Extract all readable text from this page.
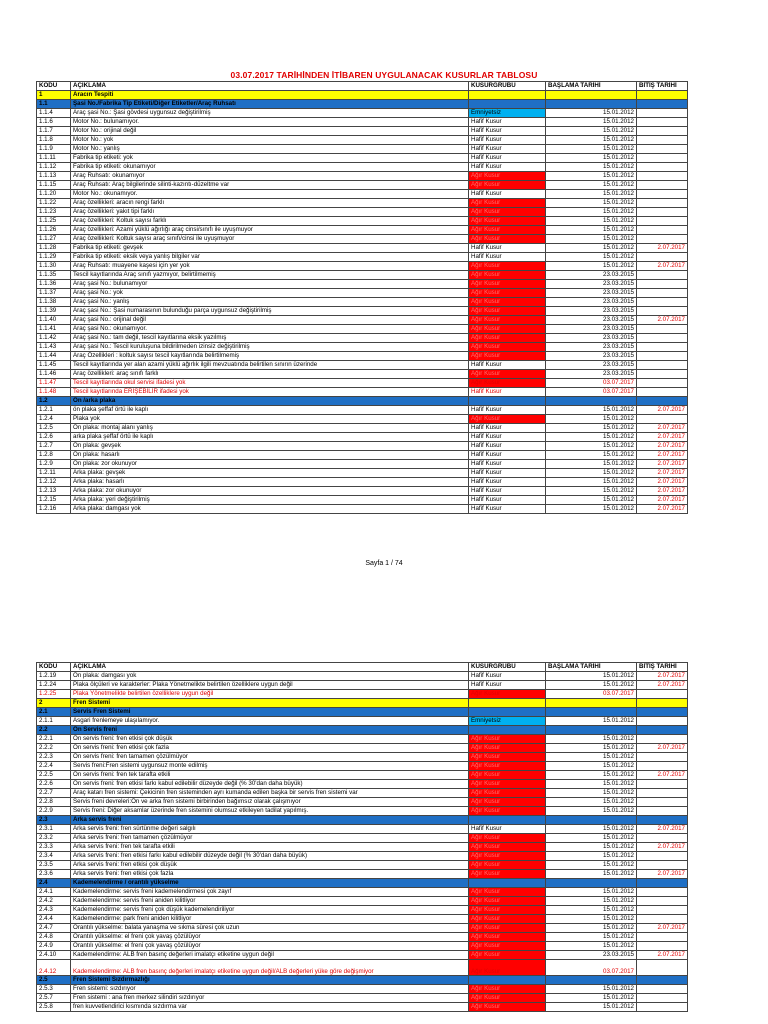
03.07.2017 TARİHİNDEN İTİBAREN UYGULANACAK KUSURLAR TABLOSU
KODU	AÇIKLAMA	KUSURGRUBU	BAŞLAMA TARİHİ	BİTİŞ TARİHİ
1	Aracın Tespiti			
1.1	Şasi No./Fabrika Tip Etiketi/Diğer Etiketler/Araç Ruhsatı			
1.1.4	Araç şasi No.: Şasi gövdesi uygunsuz değiştirilmiş	Emniyetsiz	15.01.2012	
1.1.6	Motor No.: bulunamıyor.	Hafif Kusur	15.01.2012	
1.1.7	Motor No.: orijinal değil	Hafif Kusur	15.01.2012	
1.1.8	Motor No.: yok	Hafif Kusur	15.01.2012	
1.1.9	Motor No.: yanlış	Hafif Kusur	15.01.2012	
1.1.11	Fabrika tip etiketi: yok	Hafif Kusur	15.01.2012	
1.1.12	Fabrika tip etiketi: okunamıyor	Hafif Kusur	15.01.2012	
1.1.13	Araç Ruhsatı: okunamıyor	Ağır Kusur	15.01.2012	
1.1.15	Araç Ruhsatı: Araç bilgilerinde silinti-kazıntı-düzeltme var	Ağır Kusur	15.01.2012	
1.1.20	Motor No.: okunamıyor.	Hafif Kusur	15.01.2012	
1.1.22	Araç özellikleri: aracın rengi farklı	Ağır Kusur	15.01.2012	
1.1.23	Araç özellikleri: yakıt tipi farklı	Ağır Kusur	15.01.2012	
1.1.25	Araç özellikleri: Koltuk sayısı farklı	Ağır Kusur	15.01.2012	
1.1.26	Araç özellikleri: Azami yüklü ağırlığı araç cinsi/sınıfı ile uyuşmuyor	Ağır Kusur	15.01.2012	
1.1.27	Araç özellikleri: Koltuk sayısı araç sınıfı/cinsi ile uyuşmuyor	Ağır Kusur	15.01.2012	
1.1.28	Fabrika tip etiketi: gevşek	Hafif Kusur	15.01.2012	2.07.2017
1.1.29	Fabrika tip etiketi: eksik veya yanlış bilgiler var	Hafif Kusur	15.01.2012	
1.1.30	Araç Ruhsatı: muayene kaşesi için yer yok	Ağır Kusur	15.01.2012	2.07.2017
1.1.35	Tescil kayıtlarında Araç sınıfı yazmıyor, belirtilmemiş	Ağır Kusur	23.03.2015	
1.1.36	Araç şasi No.: bulunamıyor	Ağır Kusur	23.03.2015	
1.1.37	Araç şasi No.: yok	Ağır Kusur	23.03.2015	
1.1.38	Araç şasi No.: yanlış	Ağır Kusur	23.03.2015	
1.1.39	Araç şasi No.: Şasi numarasının bulunduğu parça uygunsuz değiştirilmiş	Ağır Kusur	23.03.2015	
1.1.40	Araç şasi No.: orijinal değil	Ağır Kusur	23.03.2015	2.07.2017
1.1.41	Araç şasi No.: okunamıyor.	Ağır Kusur	23.03.2015	
1.1.42	Araç şasi No.: tam değil, tescil kayıtlarına eksik yazılmış	Ağır Kusur	23.03.2015	
1.1.43	Araç şasi No.: Tescil kuruluşuna bildirilmeden izinsiz değiştirilmiş	Ağır Kusur	23.03.2015	
1.1.44	Araç Özellikleri : koltuk sayısı tescil kayıtlarında belirtilmemiş	Ağır Kusur	23.03.2015	
1.1.45	Tescil kayıtlarında yer alan azami yüklü ağırlık ilgili mevzuatında belirtilen sınırın üzerinde	Hafif Kusur	23.03.2015	
1.1.46	Araç özellikleri: araç sınıfı farklı	Ağır Kusur	23.03.2015	
1.1.47	Tescil kayıtlarında okul servisi ifadesi yok	Ağır Kusur	03.07.2017	
1.1.48	Tescil kayıtlarında ERİŞEBİLİR ifadesi yok	Hafif Kusur	03.07.2017	
1.2	Ön /arka plaka			
1.2.1	ön plaka şeffaf örtü ile kaplı	Hafif Kusur	15.01.2012	2.07.2017
1.2.4	Plaka yok	Ağır Kusur	15.01.2012	
1.2.5	Ön plaka: montaj alanı yanlış	Hafif Kusur	15.01.2012	2.07.2017
1.2.6	arka plaka şeffaf örtü ile kaplı	Hafif Kusur	15.01.2012	2.07.2017
1.2.7	Ön plaka: gevşek	Hafif Kusur	15.01.2012	2.07.2017
1.2.8	Ön plaka: hasarlı	Hafif Kusur	15.01.2012	2.07.2017
1.2.9	Ön plaka: zor okunuyor	Hafif Kusur	15.01.2012	2.07.2017
1.2.11	Arka plaka: gevşek	Hafif Kusur	15.01.2012	2.07.2017
1.2.12	Arka plaka: hasarlı	Hafif Kusur	15.01.2012	2.07.2017
1.2.13	Arka plaka: zor okunuyor	Hafif Kusur	15.01.2012	2.07.2017
1.2.15	Arka plaka: yeri değiştirilmiş	Hafif Kusur	15.01.2012	2.07.2017
1.2.16	Arka plaka: damgası yok	Hafif Kusur	15.01.2012	2.07.2017
Sayfa 1 / 74
KODU	AÇIKLAMA	KUSURGRUBU	BAŞLAMA TARİHİ	BİTİŞ TARİHİ
1.2.19	Ön plaka: damgası yok	Hafif Kusur	15.01.2012	2.07.2017
1.2.24	Plaka ölçüleri ve karakterler: Plaka Yönetmelikte belirtilen özelliklere uygun değil	Hafif Kusur	15.01.2012	2.07.2017
1.2.25	Plaka Yönetmelikte belirtilen özelliklere uygun değil	Ağır Kusur	03.07.2017	
2	Fren Sistemi			
2.1	Servis Fren Sistemi			
2.1.1	Asgari frenlemeye ulaşılamıyor.	Emniyetsiz	15.01.2012	
2.2	Ön Servis freni			
2.2.1	Ön servis freni: fren etkisi çok düşük	Ağır Kusur	15.01.2012	
2.2.2	Ön servis freni: fren etkisi çok fazla	Ağır Kusur	15.01.2012	2.07.2017
2.2.3	Ön servis freni: fren tamamen çözülmüyor	Ağır Kusur	15.01.2012	
2.2.4	Servis freni:Fren sistemi uygunsuz monte edilmiş	Ağır Kusur	15.01.2012	
2.2.5	Ön servis freni: fren tek tarafta etkili	Ağır Kusur	15.01.2012	2.07.2017
2.2.6	Ön servis freni: fren etkisi farkı kabul edilebilir düzeyde değil (% 30'dan daha büyük)	Ağır Kusur	15.01.2012	
2.2.7	Araç katarı fren sistemi: Çekicinin fren sisteminden ayrı kumanda edilen başka bir servis fren sistemi var	Ağır Kusur	15.01.2012	
2.2.8	Servis freni devreleri:Ön ve arka fren sistemi birbirinden bağımsız olarak çalışmıyor	Ağır Kusur	15.01.2012	
2.2.9	Servis freni: Diğer aksamlar üzerinde fren sistemini olumsuz etkileyen tadilat yapılmış.	Ağır Kusur	15.01.2012	
2.3	Arka servis freni			
2.3.1	Arka servis freni: fren sürtünme değeri salgılı	Hafif Kusur	15.01.2012	2.07.2017
2.3.2	Arka servis freni: fren tamamen çözülmüyor	Ağır Kusur	15.01.2012	
2.3.3	Arka servis freni: fren tek tarafta etkili	Ağır Kusur	15.01.2012	2.07.2017
2.3.4	Arka servis freni: fren etkisi farkı kabul edilebilir düzeyde değil (% 30'dan daha büyük)	Ağır Kusur	15.01.2012	
2.3.5	Arka servis freni: fren etkisi çok düşük	Ağır Kusur	15.01.2012	
2.3.6	Arka servis freni: fren etkisi çok fazla	Ağır Kusur	15.01.2012	2.07.2017
2.4	Kademelendirme / orantılı yükselme			
2.4.1	Kademelendirme: servis freni kademelendirmesi çok zayıf	Ağır Kusur	15.01.2012	
2.4.2	Kademelendirme: servis freni aniden kilitliyor	Ağır Kusur	15.01.2012	
2.4.3	Kademelendirme: servis freni çok düşük kademelendiriliyor	Ağır Kusur	15.01.2012	
2.4.4	Kademelendirme: park freni aniden kilitliyor	Ağır Kusur	15.01.2012	
2.4.7	Orantılı yükselme: balata yanaşma ve sıkma süresi çok uzun	Ağır Kusur	15.01.2012	2.07.2017
2.4.8	Orantılı yükselme: el freni çok yavaş çözülüyor	Ağır Kusur	15.01.2012	
2.4.9	Orantılı yükselme: el freni çok yavaş çözülüyor	Ağır Kusur	15.01.2012	
2.4.10	Kademelendirme: ALB fren basınç değerleri imalatçı etiketine uygun değil	Ağır Kusur	23.03.2015	2.07.2017
2.4.12	Kademelendirme: ALB fren basınç değerleri imalatçı etiketine uygun değil/ALB değerleri yüke göre değişmiyor	Ağır Kusur	03.07.2017	
2.5	Fren Sistemi Sızdırmazlığı			
2.5.3	Fren sistemi: sızdırıyor	Ağır Kusur	15.01.2012	
2.5.7	Fren sistemi : ana fren merkez silindiri sızdırıyor	Ağır Kusur	15.01.2012	
2.5.8	fren kuvvetlendirici kısmında sızdırma var	Ağır Kusur	15.01.2012	
